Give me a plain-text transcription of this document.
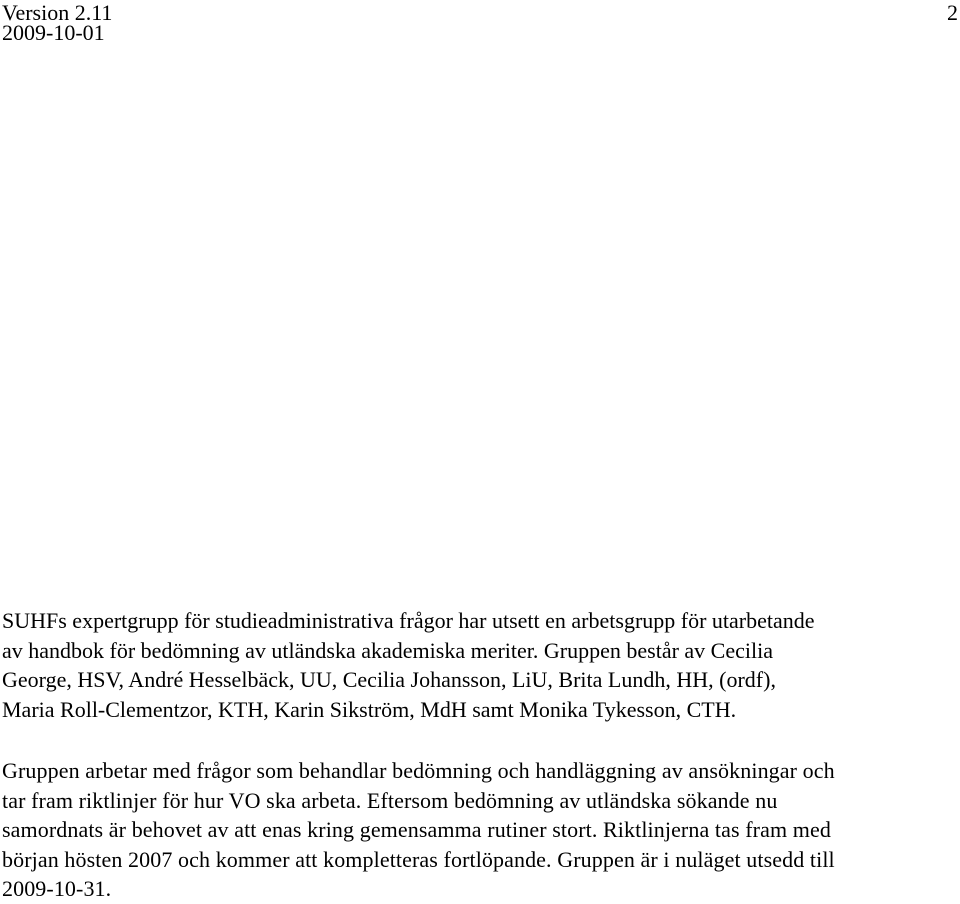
Version 2.11
2009-10-01
2

SUHFs expertgrupp för studieadministrativa frågor har utsett en arbetsgrupp för utarbetande
av handbok för bedömning av utländska akademiska meriter. Gruppen består av Cecilia
George, HSV, André Hesselbäck, UU, Cecilia Johansson, LiU, Brita Lundh, HH, (ordf),
Maria Roll-Clementzor, KTH, Karin Sikström, MdH samt Monika Tykesson, CTH.

Gruppen arbetar med frågor som behandlar bedömning och handläggning av ansökningar och
tar fram riktlinjer för hur VO ska arbeta. Eftersom bedömning av utländska sökande nu
samordnats är behovet av att enas kring gemensamma rutiner stort. Riktlinjerna tas fram med
början hösten 2007 och kommer att kompletteras fortlöpande. Gruppen är i nuläget utsedd till
2009-10-31.
